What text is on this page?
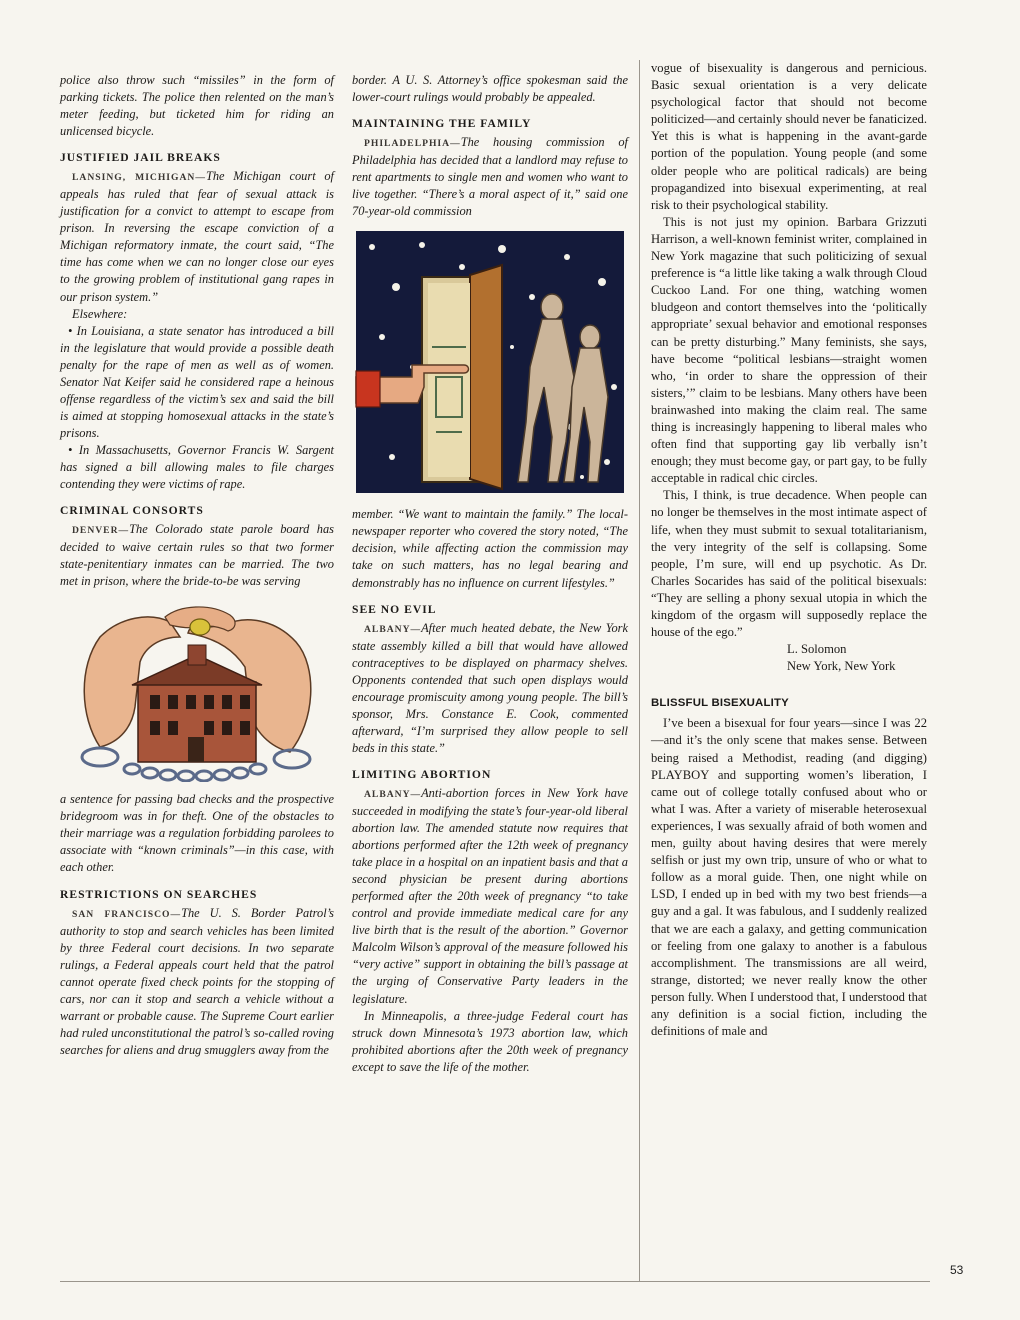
police also throw such “missiles” in the form of parking tickets. The police then relented on the man’s meter feeding, but ticketed him for riding an unlicensed bicycle.

JUSTIFIED JAIL BREAKS

LANSING, MICHIGAN—The Michigan court of appeals has ruled that fear of sexual attack is justification for a convict to attempt to escape from prison. In reversing the escape conviction of a Michigan reformatory inmate, the court said, “The time has come when we can no longer close our eyes to the growing problem of institutional gang rapes in our prison system.”

Elsewhere:

• In Louisiana, a state senator has introduced a bill in the legislature that would provide a possible death penalty for the rape of men as well as of women. Senator Nat Keifer said he considered rape a heinous offense regardless of the victim’s sex and said the bill is aimed at stopping homosexual attacks in the state’s prisons.

• In Massachusetts, Governor Francis W. Sargent has signed a bill allowing males to file charges contending they were victims of rape.

CRIMINAL CONSORTS

DENVER—The Colorado state parole board has decided to waive certain rules so that two former state-penitentiary inmates can be married. The two met in prison, where the bride-to-be was serving

a sentence for passing bad checks and the prospective bridegroom was in for theft. One of the obstacles to their marriage was a regulation forbidding parolees to associate with “known criminals”—in this case, with each other.

RESTRICTIONS ON SEARCHES

SAN FRANCISCO—The U. S. Border Patrol’s authority to stop and search vehicles has been limited by three Federal court decisions. In two separate rulings, a Federal appeals court held that the patrol cannot operate fixed check points for the stopping of cars, nor can it stop and search a vehicle without a warrant or probable cause. The Supreme Court earlier had ruled unconstitutional the patrol’s so-called roving searches for aliens and drug smugglers away from the

border. A U. S. Attorney’s office spokesman said the lower-court rulings would probably be appealed.

MAINTAINING THE FAMILY

PHILADELPHIA—The housing commission of Philadelphia has decided that a landlord may refuse to rent apartments to single men and women who want to live together. “There’s a moral aspect of it,” said one 70-year-old commission

member. “We want to maintain the family.” The local-newspaper reporter who covered the story noted, “The decision, while affecting action the commission may take on such matters, has no legal bearing and demonstrably has no influence on current lifestyles.”

SEE NO EVIL

ALBANY—After much heated debate, the New York state assembly killed a bill that would have allowed contraceptives to be displayed on pharmacy shelves. Opponents contended that such open displays would encourage promiscuity among young people. The bill’s sponsor, Mrs. Constance E. Cook, commented afterward, “I’m surprised they allow people to sell beds in this state.”

LIMITING ABORTION

ALBANY—Anti-abortion forces in New York have succeeded in modifying the state’s four-year-old liberal abortion law. The amended statute now requires that abortions performed after the 12th week of pregnancy take place in a hospital on an inpatient basis and that a second physician be present during abortions performed after the 20th week of pregnancy “to take control and provide immediate medical care for any live birth that is the result of the abortion.” Governor Malcolm Wilson’s approval of the measure followed his “very active” support in obtaining the bill’s passage at the urging of Conservative Party leaders in the legislature.

In Minneapolis, a three-judge Federal court has struck down Minnesota’s 1973 abortion law, which prohibited abortions after the 20th week of pregnancy except to save the life of the mother.

vogue of bisexuality is dangerous and pernicious. Basic sexual orientation is a very delicate psychological factor that should not become politicized—and certainly should never be fanaticized. Yet this is what is happening in the avant-garde portion of the population. Young people (and some older people who are political radicals) are being propagandized into bisexual experimenting, at real risk to their psychological stability.

This is not just my opinion. Barbara Grizzuti Harrison, a well-known feminist writer, complained in New York magazine that such politicizing of sexual preference is “a little like taking a walk through Cloud Cuckoo Land. For one thing, watching women bludgeon and contort themselves into the ‘politically appropriate’ sexual behavior and emotional responses can be pretty disturbing.” Many feminists, she says, have become “political lesbians—straight women who, ‘in order to share the oppression of their sisters,’” claim to be lesbians. Many others have been brainwashed into making the claim real. The same thing is increasingly happening to liberal males who often find that supporting gay lib verbally isn’t enough; they must become gay, or part gay, to be fully acceptable in radical chic circles.

This, I think, is true decadence. When people can no longer be themselves in the most intimate aspect of life, when they must submit to sexual totalitarianism, the very integrity of the self is collapsing. Some people, I’m sure, will end up psychotic. As Dr. Charles Socarides has said of the political bisexuals: “They are selling a phony sexual utopia in which the kingdom of the orgasm will supposedly replace the house of the ego.”

L. Solomon

New York, New York

BLISSFUL BISEXUALITY

I’ve been a bisexual for four years—since I was 22—and it’s the only scene that makes sense. Between being raised a Methodist, reading (and digging) PLAYBOY and supporting women’s liberation, I came out of college totally confused about who or what I was. After a variety of miserable heterosexual experiences, I was sexually afraid of both women and men, guilty about having desires that were merely selfish or just my own trip, unsure of who or what to follow as a moral guide. Then, one night while on LSD, I ended up in bed with my two best friends—a guy and a gal. It was fabulous, and I suddenly realized that we are each a galaxy, and getting communication or feeling from one galaxy to another is a fabulous accomplishment. The transmissions are all weird, strange, distorted; we never really know the other person fully. When I understood that, I understood that any definition is a social fiction, including the definitions of male and

53
